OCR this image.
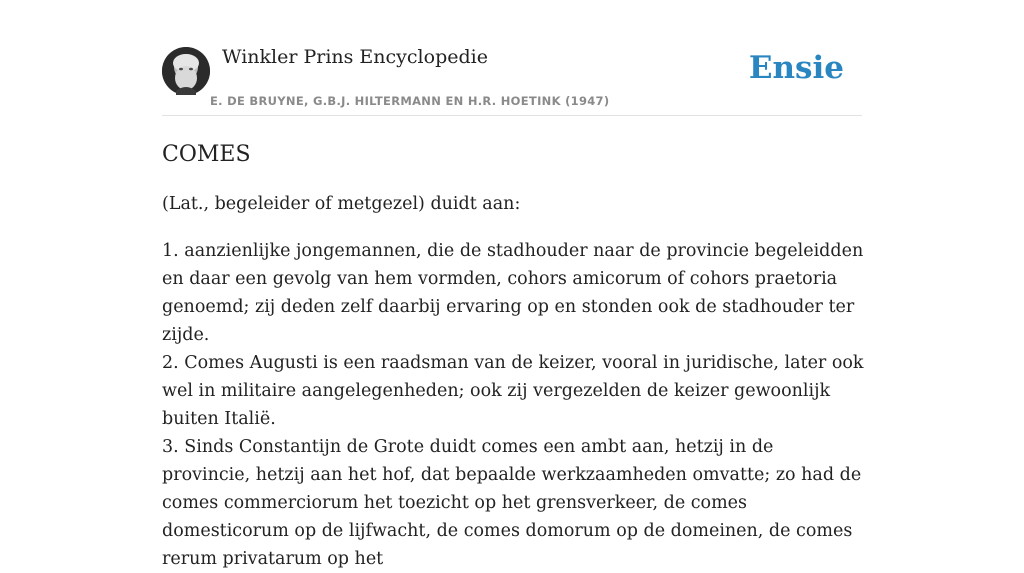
Winkler Prins Encyclopedie
E. DE BRUYNE, G.B.J. HILTERMANN EN H.R. HOETINK (1947)
Ensie
COMES

(Lat., begeleider of metgezel) duidt aan:

1. aanzienlijke jongemannen, die de stadhouder naar de provincie begeleidden en daar een gevolg van hem vormden, cohors amicorum of cohors praetoria genoemd; zij deden zelf daarbij ervaring op en stonden ook de stadhouder ter zijde.
2. Comes Augusti is een raadsman van de keizer, vooral in juridische, later ook wel in militaire aangelegenheden; ook zij vergezelden de keizer gewoonlijk buiten Italië.
3. Sinds Constantijn de Grote duidt comes een ambt aan, hetzij in de provincie, hetzij aan het hof, dat bepaalde werkzaamheden omvatte; zo had de comes commerciorum het toezicht op het grensverkeer, de comes domesticorum op de lijfwacht, de comes domorum op de domeinen, de comes rerum privatarum op het
